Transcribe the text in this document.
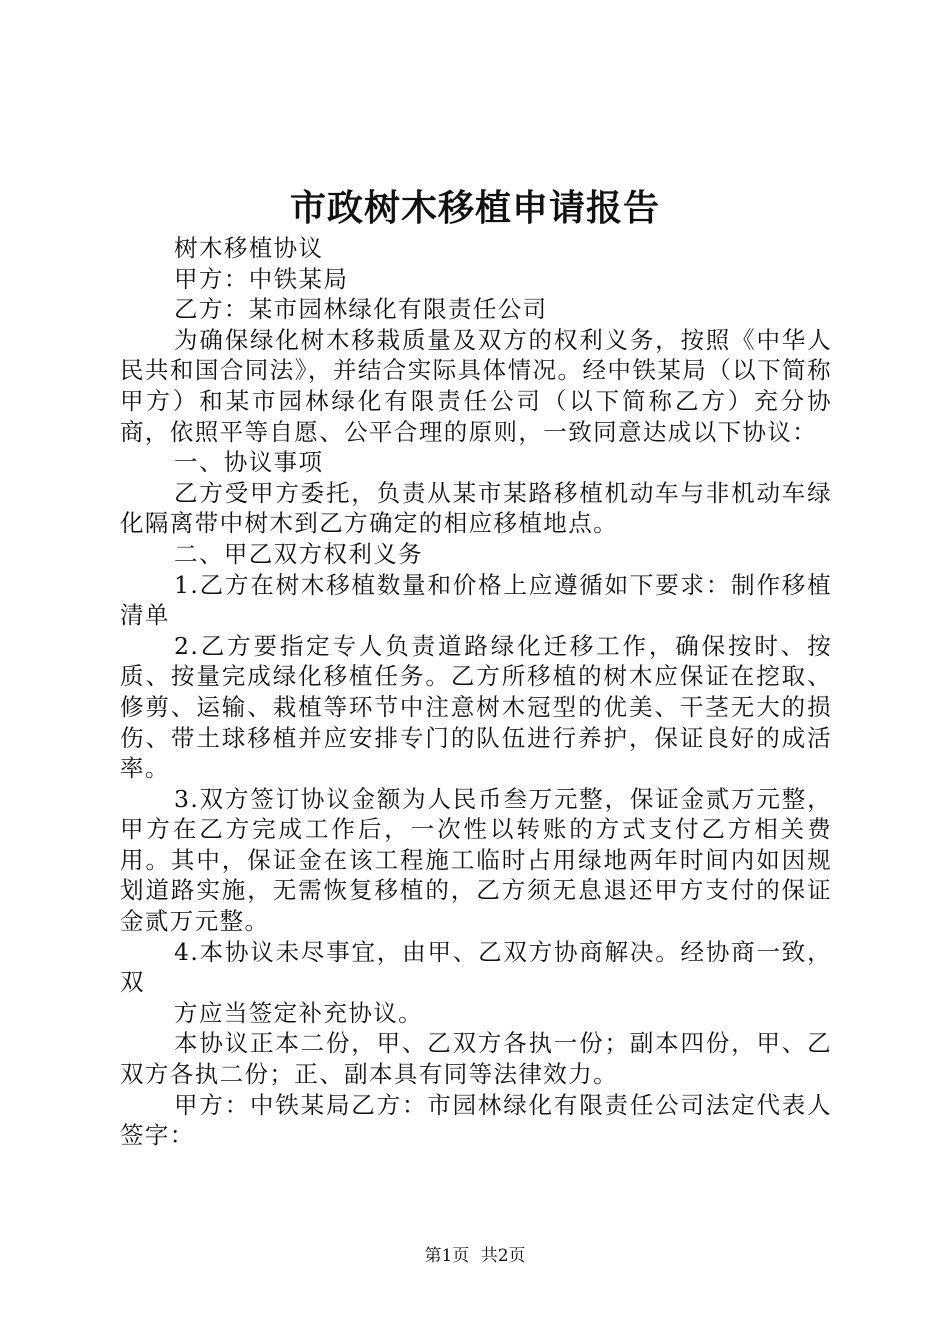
市政树木移植申请报告

树木移植协议

甲方：中铁某局

乙方：某市园林绿化有限责任公司

为确保绿化树木移栽质量及双方的权利义务，按照《中华人民共和国合同法》，并结合实际具体情况。经中铁某局（以下简称甲方）和某市园林绿化有限责任公司（以下简称乙方）充分协商，依照平等自愿、公平合理的原则，一致同意达成以下协议：

一、协议事项

乙方受甲方委托，负责从某市某路移植机动车与非机动车绿化隔离带中树木到乙方确定的相应移植地点。

二、甲乙双方权利义务

1.乙方在树木移植数量和价格上应遵循如下要求：制作移植清单

2.乙方要指定专人负责道路绿化迁移工作，确保按时、按质、按量完成绿化移植任务。乙方所移植的树木应保证在挖取、修剪、运输、栽植等环节中注意树木冠型的优美、干茎无大的损伤、带土球移植并应安排专门的队伍进行养护，保证良好的成活率。

3.双方签订协议金额为人民币叁万元整，保证金贰万元整，甲方在乙方完成工作后，一次性以转账的方式支付乙方相关费用。其中，保证金在该工程施工临时占用绿地两年时间内如因规划道路实施，无需恢复移植的，乙方须无息退还甲方支付的保证金贰万元整。

4.本协议未尽事宜，由甲、乙双方协商解决。经协商一致，双

方应当签定补充协议。

本协议正本二份，甲、乙双方各执一份；副本四份，甲、乙双方各执二份；正、副本具有同等法律效力。

甲方：中铁某局乙方：市园林绿化有限责任公司法定代表人签字：

第1页 共2页
